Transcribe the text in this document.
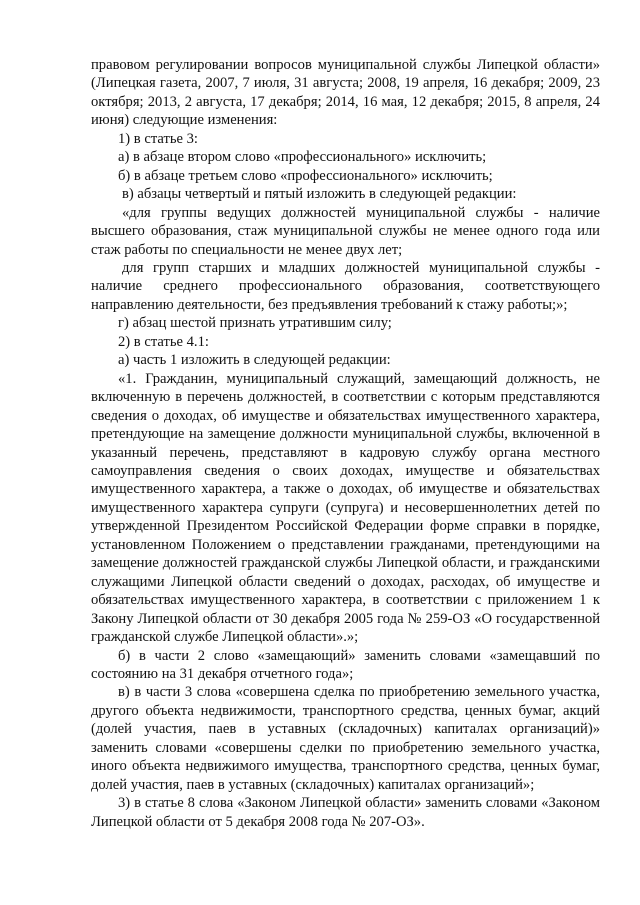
правовом регулировании вопросов муниципальной службы Липецкой области» (Липецкая газета, 2007, 7 июля, 31 августа; 2008, 19 апреля, 16 декабря; 2009, 23 октября; 2013, 2 августа, 17 декабря; 2014, 16 мая, 12 декабря; 2015, 8 апреля, 24 июня) следующие изменения:

1) в статье 3:

а) в абзаце втором слово «профессионального» исключить;

б) в абзаце третьем слово «профессионального» исключить;

в) абзацы четвертый и пятый изложить в следующей редакции:

«для группы ведущих должностей муниципальной службы - наличие высшего образования, стаж муниципальной службы не менее одного года или стаж работы по специальности не менее двух лет;

для групп старших и младших должностей муниципальной службы - наличие среднего профессионального образования, соответствующего направлению деятельности, без предъявления требований к стажу работы;»;

г) абзац шестой признать утратившим силу;

2) в статье 4.1:

а) часть 1 изложить в следующей редакции:

«1. Гражданин, муниципальный служащий, замещающий должность, не включенную в перечень должностей, в соответствии с которым представляются сведения о доходах, об имуществе и обязательствах имущественного характера, претендующие на замещение должности муниципальной службы, включенной в указанный перечень, представляют в кадровую службу органа местного самоуправления сведения о своих доходах, имуществе и обязательствах имущественного характера, а также о доходах, об имуществе и обязательствах имущественного характера супруги (супруга) и несовершеннолетних детей по утвержденной Президентом Российской Федерации форме справки в порядке, установленном Положением о представлении гражданами, претендующими на замещение должностей гражданской службы Липецкой области, и гражданскими служащими Липецкой области сведений о доходах, расходах, об имуществе и обязательствах имущественного характера, в соответствии с приложением 1 к Закону Липецкой области от 30 декабря 2005 года № 259-ОЗ «О государственной гражданской службе Липецкой области».»;

б) в части 2 слово «замещающий» заменить словами «замещавший по состоянию на 31 декабря отчетного года»;

в) в части 3 слова «совершена сделка по приобретению земельного участка, другого объекта недвижимости, транспортного средства, ценных бумаг, акций (долей участия, паев в уставных (складочных) капиталах организаций)» заменить словами «совершены сделки по приобретению земельного участка, иного объекта недвижимого имущества, транспортного средства, ценных бумаг, долей участия, паев в уставных (складочных) капиталах организаций»;

3) в статье 8 слова «Законом Липецкой области» заменить словами «Законом Липецкой области от 5 декабря 2008 года № 207-ОЗ».
